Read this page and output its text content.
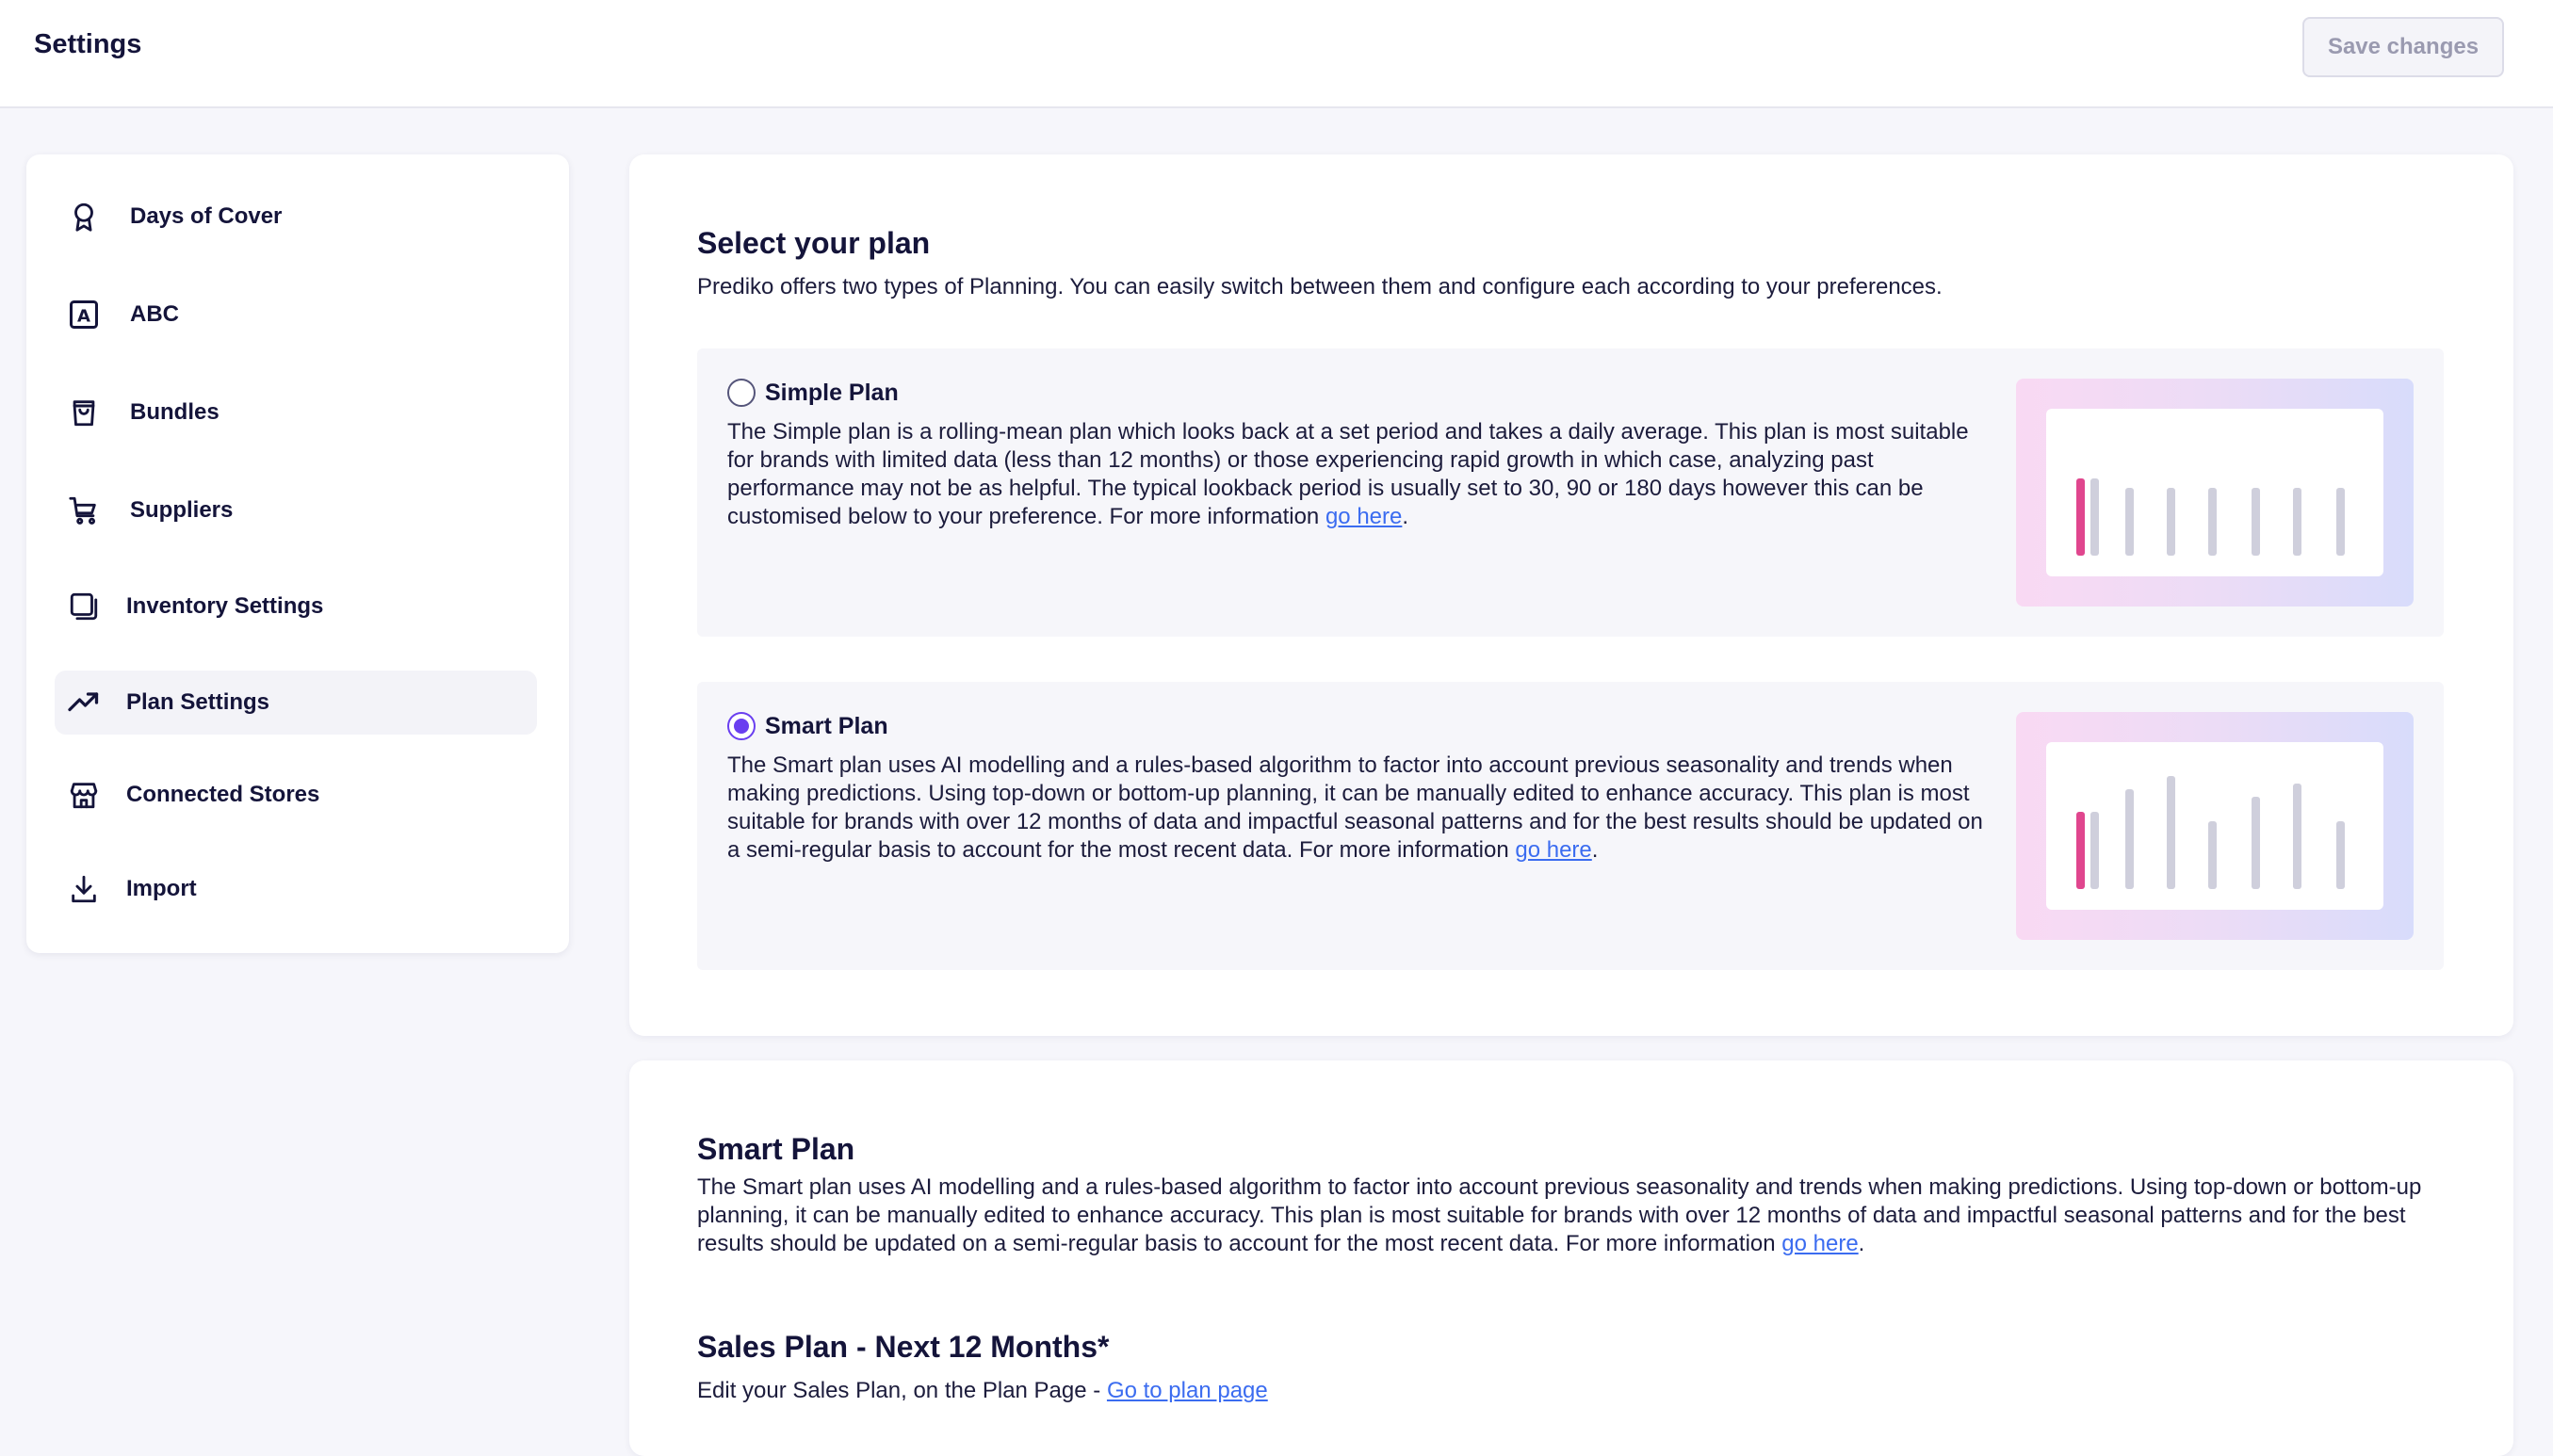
Settings	Save changes
Days of Cover
A ABC
Bundles
Suppliers
Inventory Settings
Plan Settings
Connected Stores
Import
Select your plan
Prediko offers two types of Planning. You can easily switch between them and configure each according to your preferences.
Simple Plan
The Simple plan is a rolling-mean plan which looks back at a set period and takes a daily average. This plan is most suitable for brands with limited data (less than 12 months) or those experiencing rapid growth in which case, analyzing past performance may not be as helpful. The typical lookback period is usually set to 30, 90 or 180 days however this can be customised below to your preference. For more information go here.
Smart Plan
The Smart plan uses AI modelling and a rules-based algorithm to factor into account previous seasonality and trends when making predictions. Using top-down or bottom-up planning, it can be manually edited to enhance accuracy. This plan is most suitable for brands with over 12 months of data and impactful seasonal patterns and for the best results should be updated on a semi-regular basis to account for the most recent data. For more information go here.
Smart Plan
The Smart plan uses AI modelling and a rules-based algorithm to factor into account previous seasonality and trends when making predictions. Using top-down or bottom-up planning, it can be manually edited to enhance accuracy. This plan is most suitable for brands with over 12 months of data and impactful seasonal patterns and for the best results should be updated on a semi-regular basis to account for the most recent data. For more information go here.
Sales Plan - Next 12 Months*
Edit your Sales Plan, on the Plan Page - Go to plan page
